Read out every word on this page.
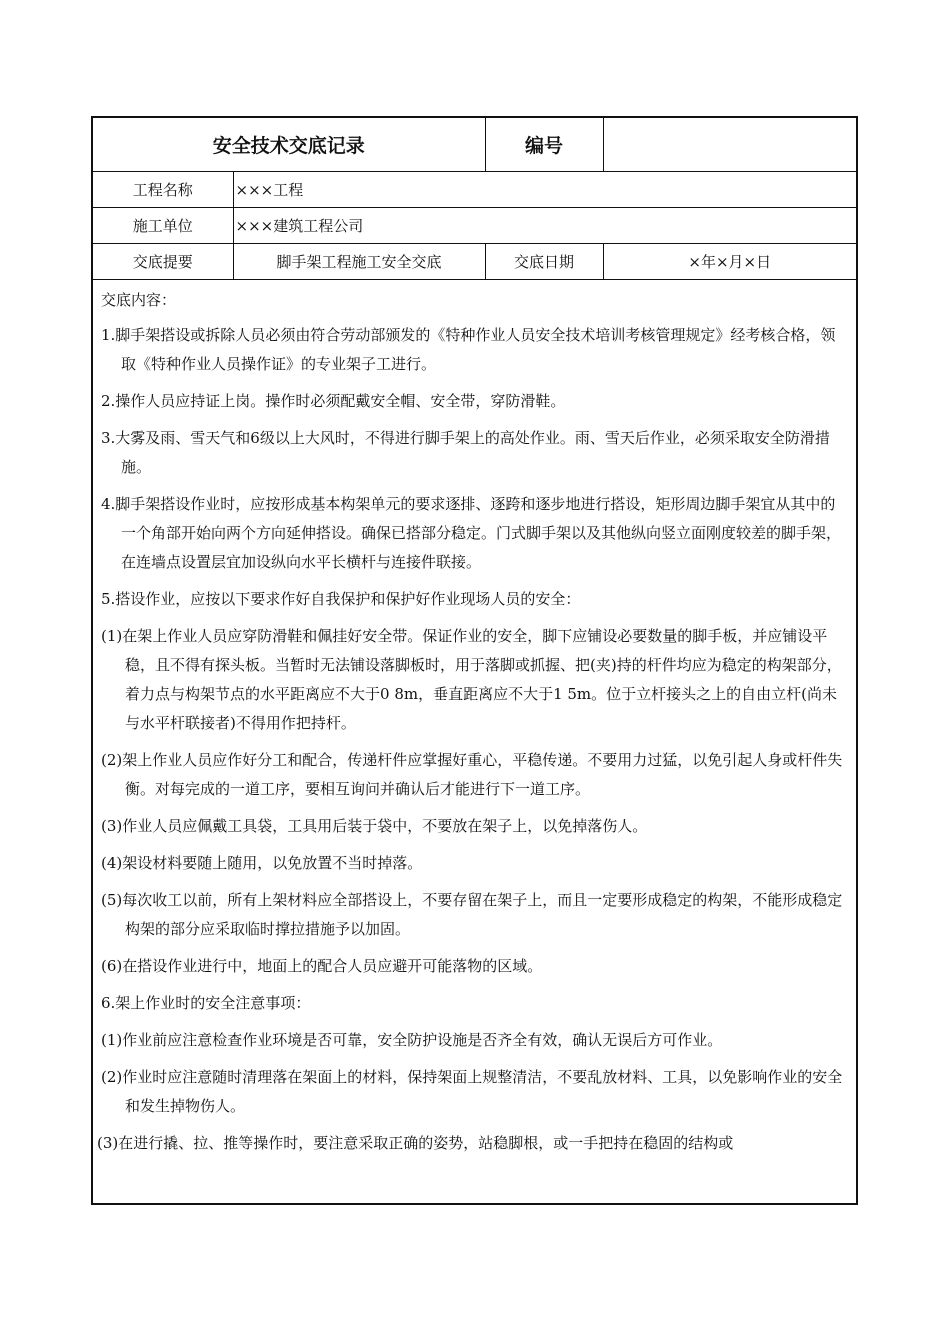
安全技术交底记录		编号	
工程名称	×××工程		
施工单位	×××建筑工程公司		
交底提要	脚手架工程施工安全交底	交底日期	×年×月×日

交底内容：

1.脚手架搭设或拆除人员必须由符合劳动部颁发的《特种作业人员安全技术培训考核管理规定》经考核合格，领取《特种作业人员操作证》的专业架子工进行。

2.操作人员应持证上岗。操作时必须配戴安全帽、安全带，穿防滑鞋。

3.大雾及雨、雪天气和6级以上大风时，不得进行脚手架上的高处作业。雨、雪天后作业，必须采取安全防滑措施。

4.脚手架搭设作业时，应按形成基本构架单元的要求逐排、逐跨和逐步地进行搭设，矩形周边脚手架宜从其中的一个角部开始向两个方向延伸搭设。确保已搭部分稳定。门式脚手架以及其他纵向竖立面刚度较差的脚手架，在连墙点设置层宜加设纵向水平长横杆与连接件联接。

5.搭设作业，应按以下要求作好自我保护和保护好作业现场人员的安全：

(1)在架上作业人员应穿防滑鞋和佩挂好安全带。保证作业的安全，脚下应铺设必要数量的脚手板，并应铺设平稳，且不得有探头板。当暂时无法铺设落脚板时，用于落脚或抓握、把(夹)持的杆件均应为稳定的构架部分，着力点与构架节点的水平距离应不大于0 8m，垂直距离应不大于1 5m。位于立杆接头之上的自由立杆(尚未与水平杆联接者)不得用作把持杆。

(2)架上作业人员应作好分工和配合，传递杆件应掌握好重心，平稳传递。不要用力过猛，以免引起人身或杆件失衡。对每完成的一道工序，要相互询问并确认后才能进行下一道工序。

(3)作业人员应佩戴工具袋，工具用后装于袋中，不要放在架子上，以免掉落伤人。

(4)架设材料要随上随用，以免放置不当时掉落。

(5)每次收工以前，所有上架材料应全部搭设上，不要存留在架子上，而且一定要形成稳定的构架，不能形成稳定构架的部分应采取临时撑拉措施予以加固。

(6)在搭设作业进行中，地面上的配合人员应避开可能落物的区域。

6.架上作业时的安全注意事项：

(1)作业前应注意检查作业环境是否可靠，安全防护设施是否齐全有效，确认无误后方可作业。

(2)作业时应注意随时清理落在架面上的材料，保持架面上规整清洁，不要乱放材料、工具，以免影响作业的安全和发生掉物伤人。

(3)在进行撬、拉、推等操作时，要注意采取正确的姿势，站稳脚根，或一手把持在稳固的结构或
